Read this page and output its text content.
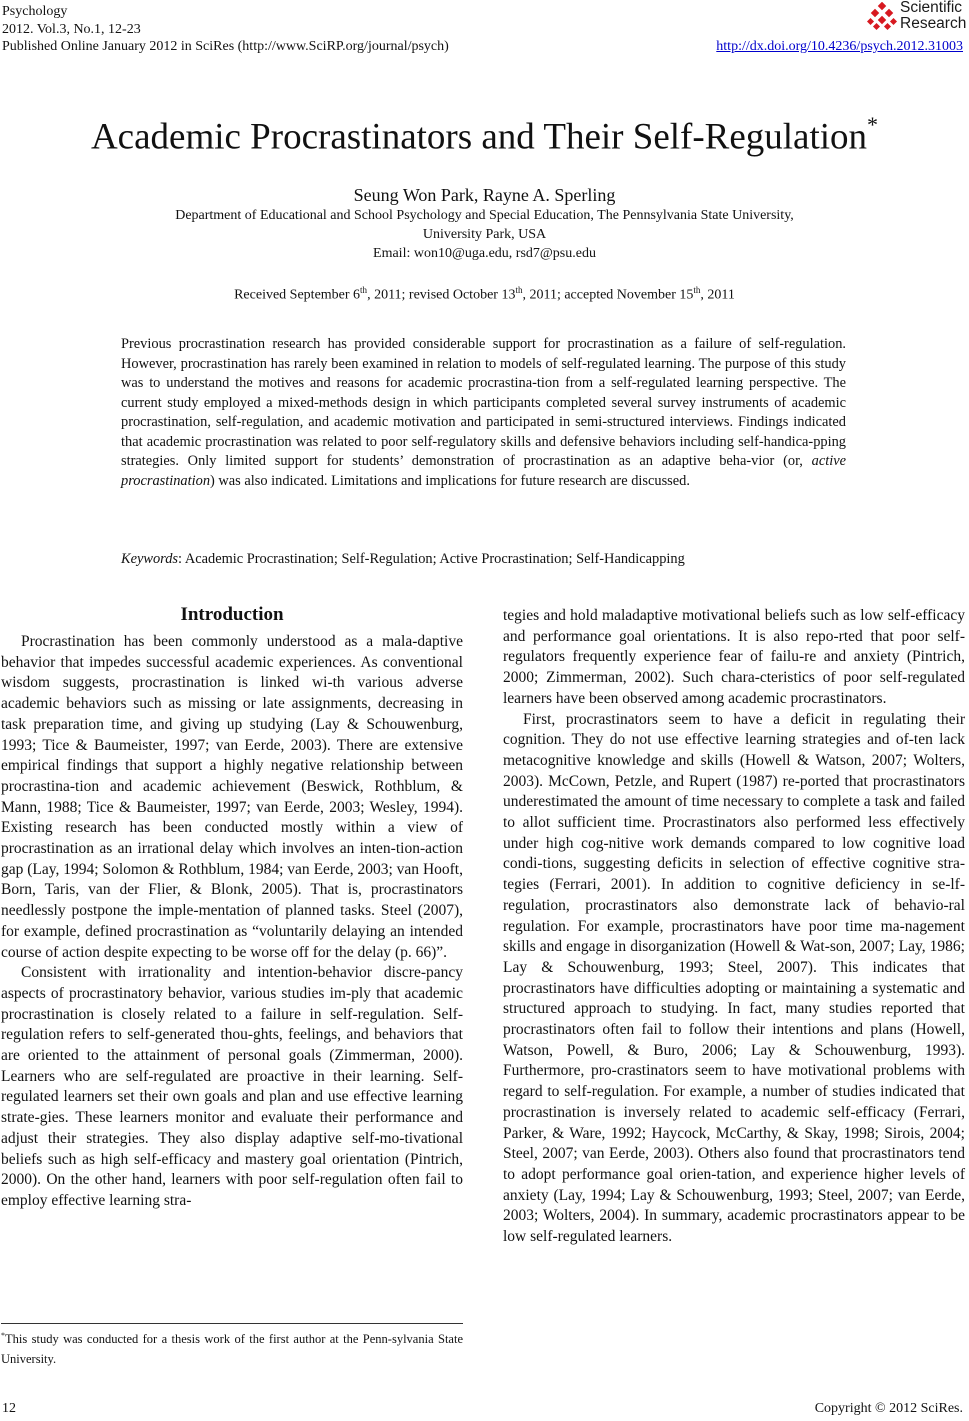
Psychology
2012. Vol.3, No.1, 12-23
Published Online January 2012 in SciRes (http://www.SciRP.org/journal/psych)
Scientific
Research
http://dx.doi.org/10.4236/psych.2012.31003
Academic Procrastinators and Their Self-Regulation*
Seung Won Park, Rayne A. Sperling
Department of Educational and School Psychology and Special Education, The Pennsylvania State University,
University Park, USA
Email: won10@uga.edu, rsd7@psu.edu
Received September 6th, 2011; revised October 13th, 2011; accepted November 15th, 2011

Previous procrastination research has provided considerable support for procrastination as a failure of self-regulation. However, procrastination has rarely been examined in relation to models of self-regulated learning. The purpose of this study was to understand the motives and reasons for academic procrastina-tion from a self-regulated learning perspective. The current study employed a mixed-methods design in which participants completed several survey instruments of academic procrastination, self-regulation, and academic motivation and participated in semi-structured interviews. Findings indicated that academic procrastination was related to poor self-regulatory skills and defensive behaviors including self-handica-pping strategies. Only limited support for students’ demonstration of procrastination as an adaptive beha-vior (or, active procrastination) was also indicated. Limitations and implications for future research are discussed.

Keywords: Academic Procrastination; Self-Regulation; Active Procrastination; Self-Handicapping

Introduction

Procrastination has been commonly understood as a mala-daptive behavior that impedes successful academic experiences. As conventional wisdom suggests, procrastination is linked wi-th various adverse academic behaviors such as missing or late assignments, decreasing in task preparation time, and giving up studying (Lay & Schouwenburg, 1993; Tice & Baumeister, 1997; van Eerde, 2003). There are extensive empirical findings that support a highly negative relationship between procrastina-tion and academic achievement (Beswick, Rothblum, & Mann, 1988; Tice & Baumeister, 1997; van Eerde, 2003; Wesley, 1994). Existing research has been conducted mostly within a view of procrastination as an irrational delay which involves an inten-tion-action gap (Lay, 1994; Solomon & Rothblum, 1984; van Eerde, 2003; van Hooft, Born, Taris, van der Flier, & Blonk, 2005). That is, procrastinators needlessly postpone the imple-mentation of planned tasks. Steel (2007), for example, defined procrastination as “voluntarily delaying an intended course of action despite expecting to be worse off for the delay (p. 66)”.

Consistent with irrationality and intention-behavior discre-pancy aspects of procrastinatory behavior, various studies im-ply that academic procrastination is closely related to a failure in self-regulation. Self-regulation refers to self-generated thou-ghts, feelings, and behaviors that are oriented to the attainment of personal goals (Zimmerman, 2000). Learners who are self-regulated are proactive in their learning. Self-regulated learners set their own goals and plan and use effective learning strate-gies. These learners monitor and evaluate their performance and adjust their strategies. They also display adaptive self-mo-tivational beliefs such as high self-efficacy and mastery goal orientation (Pintrich, 2000). On the other hand, learners with poor self-regulation often fail to employ effective learning stra-

tegies and hold maladaptive motivational beliefs such as low self-efficacy and performance goal orientations. It is also repo-rted that poor self-regulators frequently experience fear of failu-re and anxiety (Pintrich, 2000; Zimmerman, 2002). Such chara-cteristics of poor self-regulated learners have been observed among academic procrastinators.

First, procrastinators seem to have a deficit in regulating their cognition. They do not use effective learning strategies and of-ten lack metacognitive knowledge and skills (Howell & Watson, 2007; Wolters, 2003). McCown, Petzle, and Rupert (1987) re-ported that procrastinators underestimated the amount of time necessary to complete a task and failed to allot sufficient time. Procrastinators also performed less effectively under high cog-nitive work demands compared to low cognitive load condi-tions, suggesting deficits in selection of effective cognitive stra-tegies (Ferrari, 2001). In addition to cognitive deficiency in se-lf-regulation, procrastinators also demonstrate lack of behavio-ral regulation. For example, procrastinators have poor time ma-nagement skills and engage in disorganization (Howell & Wat-son, 2007; Lay, 1986; Lay & Schouwenburg, 1993; Steel, 2007). This indicates that procrastinators have difficulties adopting or maintaining a systematic and structured approach to studying. In fact, many studies reported that procrastinators often fail to follow their intentions and plans (Howell, Watson, Powell, & Buro, 2006; Lay & Schouwenburg, 1993). Furthermore, pro-crastinators seem to have motivational problems with regard to self-regulation. For example, a number of studies indicated that procrastination is inversely related to academic self-efficacy (Ferrari, Parker, & Ware, 1992; Haycock, McCarthy, & Skay, 1998; Sirois, 2004; Steel, 2007; van Eerde, 2003). Others also found that procrastinators tend to adopt performance goal orien-tation, and experience higher levels of anxiety (Lay, 1994; Lay & Schouwenburg, 1993; Steel, 2007; van Eerde, 2003; Wolters, 2004). In summary, academic procrastinators appear to be low self-regulated learners.

*This study was conducted for a thesis work of the first author at the Penn-sylvania State University.
12	Copyright © 2012 SciRes.
